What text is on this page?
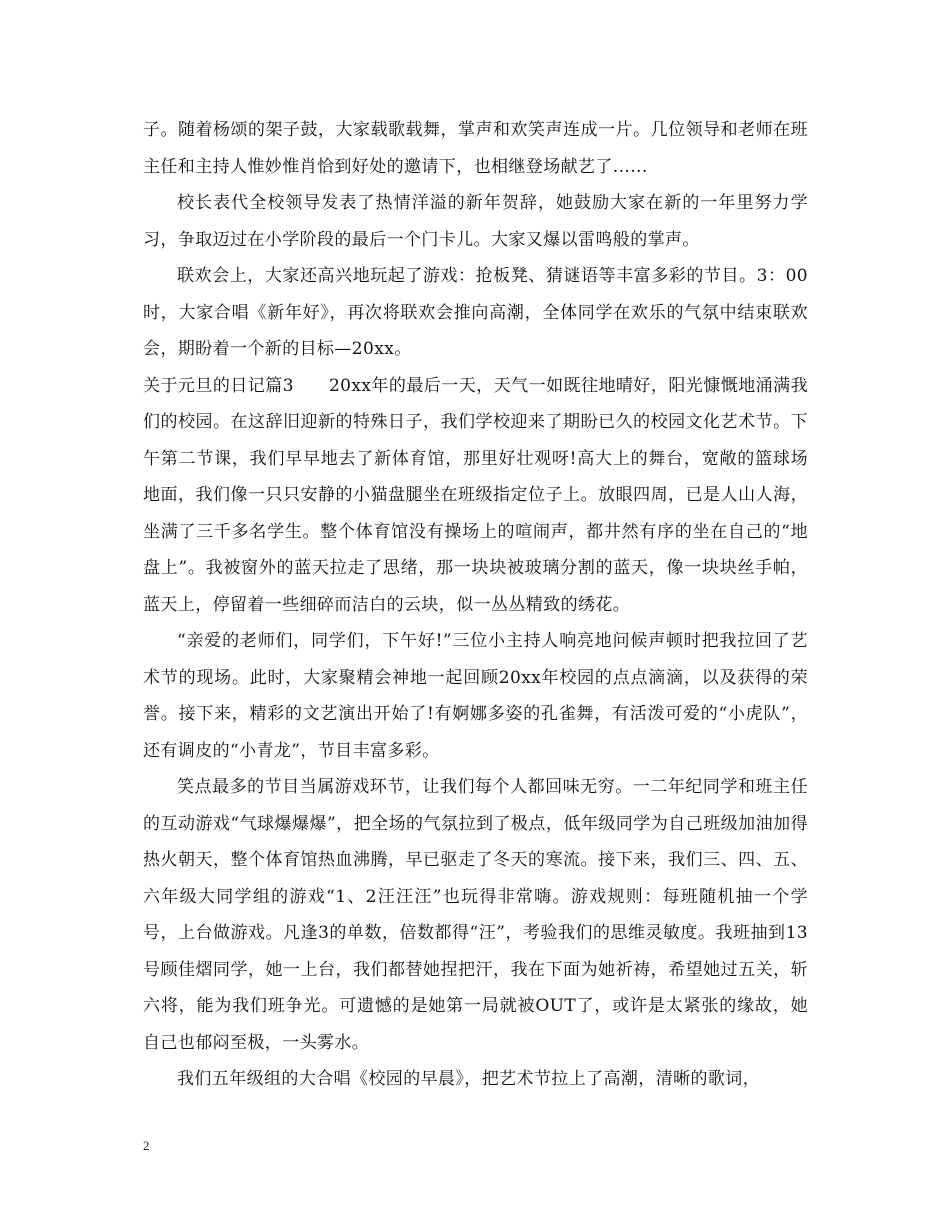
子。随着杨颂的架子鼓，大家载歌载舞，掌声和欢笑声连成一片。几位领导和老师在班主任和主持人惟妙惟肖恰到好处的邀请下，也相继登场献艺了......

校长表代全校领导发表了热情洋溢的新年贺辞，她鼓励大家在新的一年里努力学习，争取迈过在小学阶段的最后一个门卡儿。大家又爆以雷鸣般的掌声。

联欢会上，大家还高兴地玩起了游戏：抢板凳、猜谜语等丰富多彩的节目。3：00时，大家合唱《新年好》，再次将联欢会推向高潮，全体同学在欢乐的气氛中结束联欢会，期盼着一个新的目标—20xx。

关于元旦的日记篇3　　20xx年的最后一天，天气一如既往地晴好，阳光慷慨地涌满我们的校园。在这辞旧迎新的特殊日子，我们学校迎来了期盼已久的校园文化艺术节。下午第二节课，我们早早地去了新体育馆，那里好壮观呀!高大上的舞台，宽敞的篮球场地面，我们像一只只安静的小猫盘腿坐在班级指定位子上。放眼四周，已是人山人海，坐满了三千多名学生。整个体育馆没有操场上的喧闹声，都井然有序的坐在自己的“地盘上”。我被窗外的蓝天拉走了思绪，那一块块被玻璃分割的蓝天，像一块块丝手帕，蓝天上，停留着一些细碎而洁白的云块，似一丛丛精致的绣花。

“亲爱的老师们，同学们，下午好!”三位小主持人响亮地问候声顿时把我拉回了艺术节的现场。此时，大家聚精会神地一起回顾20xx年校园的点点滴滴，以及获得的荣誉。接下来，精彩的文艺演出开始了!有婀娜多姿的孔雀舞，有活泼可爱的“小虎队”，还有调皮的“小青龙”，节目丰富多彩。

笑点最多的节目当属游戏环节，让我们每个人都回味无穷。一二年纪同学和班主任的互动游戏“气球爆爆爆”，把全场的气氛拉到了极点，低年级同学为自己班级加油加得热火朝天，整个体育馆热血沸腾，早已驱走了冬天的寒流。接下来，我们三、四、五、六年级大同学组的游戏“1、2汪汪汪”也玩得非常嗨。游戏规则：每班随机抽一个学号，上台做游戏。凡逢3的单数，倍数都得“汪”，考验我们的思维灵敏度。我班抽到13号顾佳熠同学，她一上台，我们都替她捏把汗，我在下面为她祈祷，希望她过五关，斩六将，能为我们班争光。可遗憾的是她第一局就被OUT了，或许是太紧张的缘故，她自己也郁闷至极，一头雾水。

我们五年级组的大合唱《校园的早晨》，把艺术节拉上了高潮，清晰的歌词，

2
